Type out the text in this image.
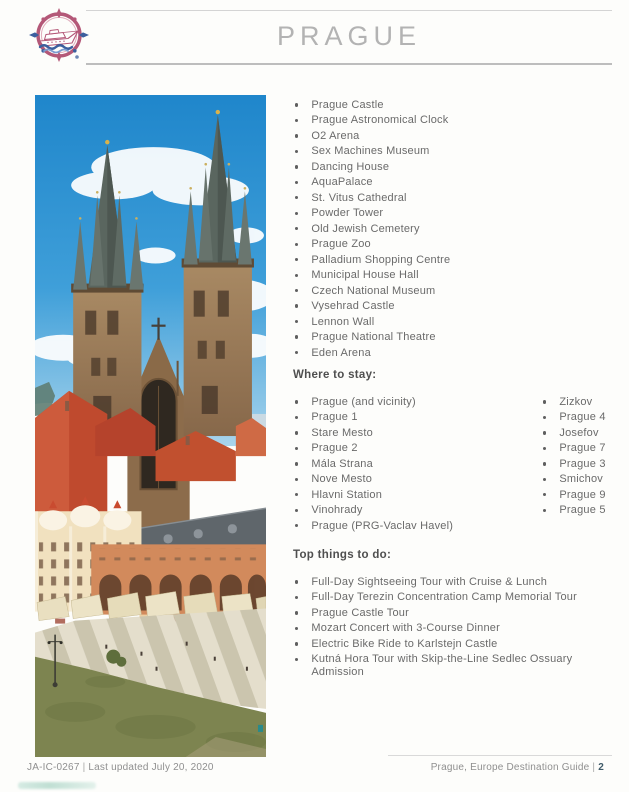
PRAGUE
Prague Castle
Prague Astronomical Clock
O2 Arena
Sex Machines Museum
Dancing House
AquaPalace
St. Vitus Cathedral
Powder Tower
Old Jewish Cemetery
Prague Zoo
Palladium Shopping Centre
Municipal House Hall
Czech National Museum
Vysehrad Castle
Lennon Wall
Prague National Theatre
Eden Arena
Where to stay:
Prague (and vicinity)
Prague 1
Stare Mesto
Prague 2
Mála Strana
Nove Mesto
Hlavni Station
Vinohrady
Prague (PRG-Vaclav Havel)
Zizkov
Prague 4
Josefov
Prague 7
Prague 3
Smichov
Prague 9
Prague 5
Top things to do:
Full-Day Sightseeing Tour with Cruise & Lunch
Full-Day Terezin Concentration Camp Memorial Tour
Prague Castle Tour
Mozart Concert with 3-Course Dinner
Electric Bike Ride to Karlstejn Castle
Kutná Hora Tour with Skip-the-Line Sedlec Ossuary Admission
JA-IC-0267 | Last updated July 20, 2020	Prague, Europe Destination Guide | 2
